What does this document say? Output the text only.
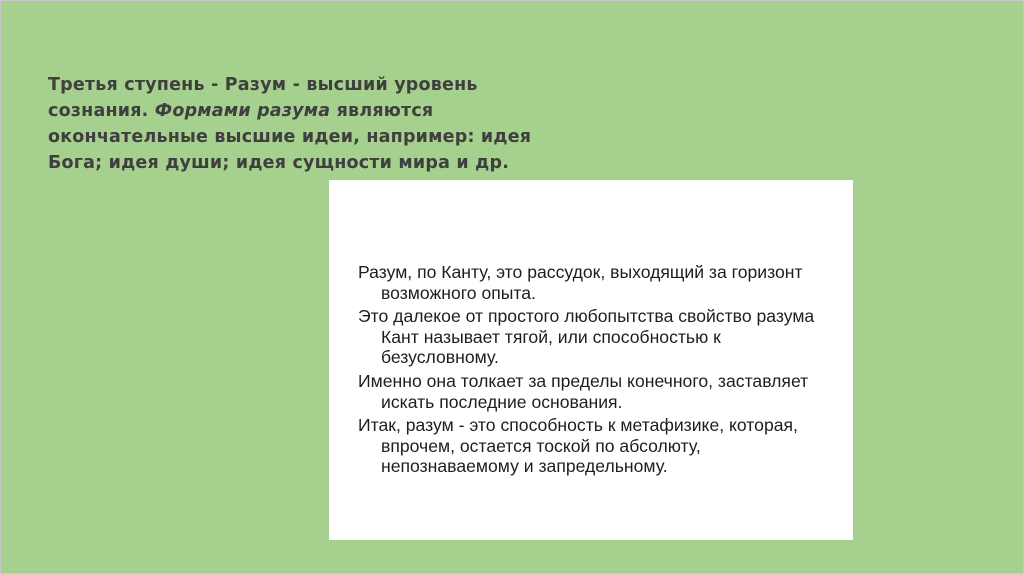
Третья ступень - Разум - высший уровень сознания. Формами разума являются окончательные высшие идеи, например: идея Бога; идея души; идея сущности мира и др.

Разум, по Канту, это рассудок, выходящий за горизонт возможного опыта.

Это далекое от простого любопытства свойство разума Кант называет тягой, или способностью к безусловному.

Именно она толкает за пределы конечного, заставляет искать последние основания.

Итак, разум - это способность к метафизике, которая, впрочем, остается тоской по абсолюту, непознаваемому и запредельному.
